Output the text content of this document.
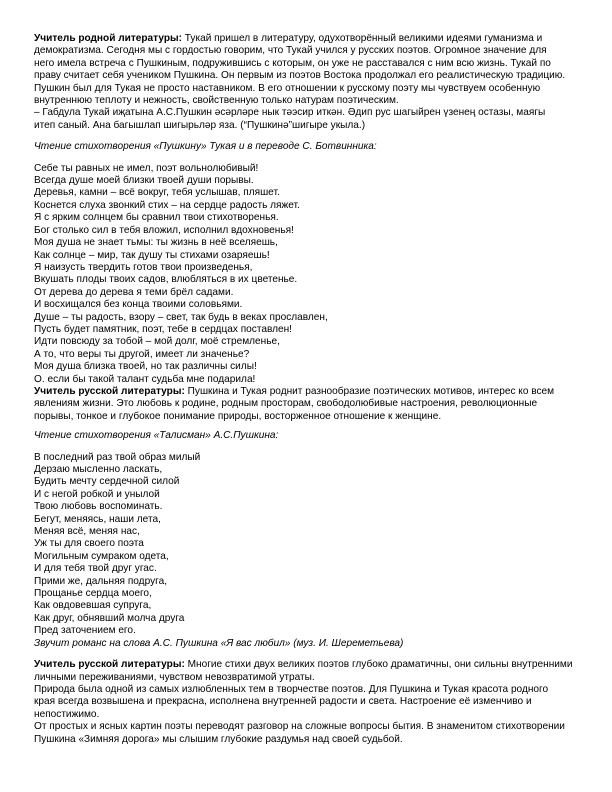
Учитель родной литературы: Тукай пришел в литературу, одухотворённый великими идеями гуманизма и

демократизма. Сегодня мы с гордостью говорим, что Тукай учился у русских поэтов. Огромное значение для

него имела встреча с Пушкиным, подружившись с которым, он уже не расставался с ним всю жизнь. Тукай по

праву считает себя учеником Пушкина. Он первым из поэтов Востока продолжал его реалистическую традицию.

Пушкин был для Тукая не просто наставником. В его отношении к русскому поэту мы чувствуем особенную

внутреннюю теплоту и нежность, свойственную только натурам поэтическим.

– Габдула Тукай иҗатына А.С.Пушкин әсәрләре нык тәэсир иткән. Әдип рус шагыйрен үзенең остазы, маягы

итеп саный. Ана багышлап шигырьләр яза. (“Пушкинә”шигыре укыла.)

Чтение стихотворения «Пушкину» Тукая и в переводе С. Ботвинника:

Себе ты равных не имел, поэт вольнолюбивый!

Всегда душе моей близки твоей души порывы.

Деревья, камни – всё вокруг, тебя услышав, пляшет.

Коснется слуха звонкий стих – на сердце радость ляжет.

Я с ярким солнцем бы сравнил твои стихотворенья.

Бог столько сил в тебя вложил, исполнил вдохновенья!

Моя душа не знает тьмы: ты жизнь в неё вселяешь,

Как солнце – мир, так душу ты стихами озаряешь!

Я наизусть твердить готов твои произведенья,

Вкушать плоды твоих садов, влюбляться в их цветенье.

От дерева до дерева я теми брёл садами.

И восхищался без конца твоими соловьями.

Душе – ты радость, взору – свет, так будь в веках прославлен,

Пусть будет памятник, поэт, тебе в сердцах поставлен!

Идти повсюду за тобой – мой долг, моё стремленье,

А то, что веры ты другой, имеет ли значенье?

Моя душа близка твоей, но так различны силы!

О. если бы такой талант судьба мне подарила!

Учитель русской литературы: Пушкина и Тукая роднит разнообразие поэтических мотивов, интерес ко всем

явлениям жизни. Это любовь к родине, родным просторам, свободолюбивые настроения, революционные

порывы, тонкое и глубокое понимание природы, восторженное отношение к женщине.

Чтение стихотворения «Талисман» А.С.Пушкина:

В последний раз твой образ милый

Дерзаю мысленно ласкать,

Будить мечту сердечной силой

И с негой робкой и унылой

Твою любовь воспоминать.

Бегут, меняясь, наши лета,

Меняя всё, меняя нас,

Уж ты для своего поэта

Могильным сумраком одета,

И для тебя твой друг угас.

Прими же, дальняя подруга,

Прощанье сердца моего,

Как овдовевшая супруга,

Как друг, обнявший молча друга

Пред заточением его.

Звучит романс на слова А.С. Пушкина «Я вас любил» (муз. И. Шереметьева)

Учитель русской литературы: Многие стихи двух великих поэтов глубоко драматичны, они сильны внутренними

личными переживаниями, чувством невозвратимой утраты.

Природа была одной из самых излюбленных тем в творчестве поэтов. Для Пушкина и Тукая красота родного

края всегда возвышена и прекрасна, исполнена внутренней радости и света. Настроение её изменчиво и

непостижимо.

От простых и ясных картин поэты переводят разговор на сложные вопросы бытия. В знаменитом стихотворении

Пушкина «Зимняя дорога» мы слышим глубокие раздумья над своей судьбой.
